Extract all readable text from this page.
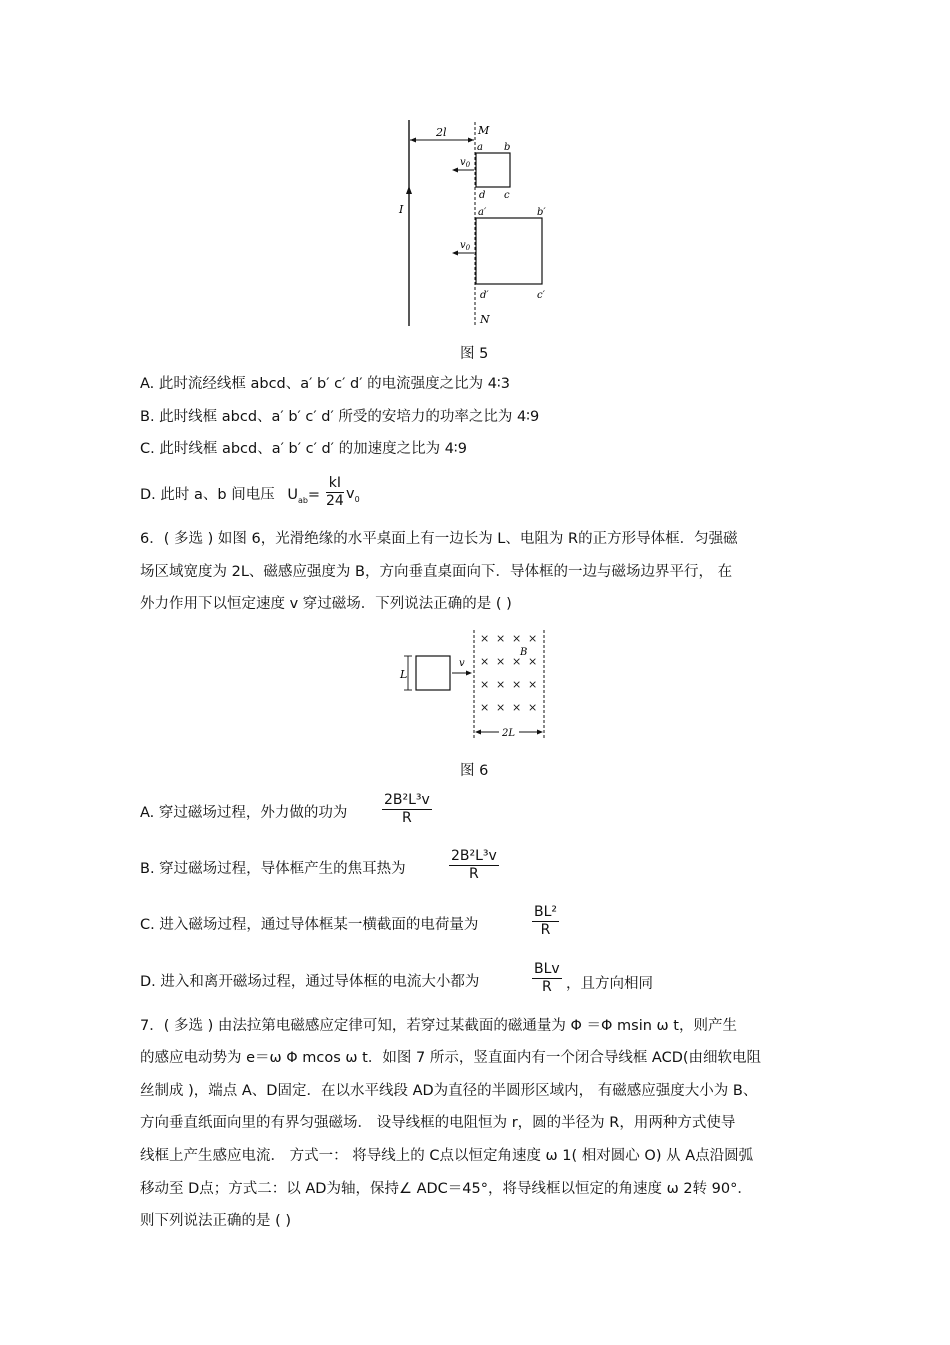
2l	M
a b
d c
$v_0$
I	a′	b′
$v_0$
d′	c′
N
图 5
A. 此时流经线框 abcd、a′ b′ c′ d′ 的电流强度之比为 4∶3
B. 此时线框 abcd、a′ b′ c′ d′ 所受的安培力的功率之比为 4∶9
C. 此时线框 abcd、a′ b′ c′ d′ 的加速度之比为 4∶9
D. 此时 a、b 间电压 $U_{ab}=$
kI
24 $v_0$
6．( 多选 ) 如图 6，光滑绝缘的水平桌面上有一边长为 L、电阻为 R的正方形导体框．匀强磁
场区域宽度为 2L、磁感应强度为 B，方向垂直桌面向下．导体框的一边与磁场边界平行， 在
外力作用下以恒定速度 v 穿过磁场．下列说法正确的是 ( )
L
v
B
× × × ×
× × × ×
× × × ×
× × × ×
2L
图 6
A. 穿过磁场过程，外力做的功为
2B²L³v
R
B. 穿过磁场过程，导体框产生的焦耳热为
2B²L³v
R
C. 进入磁场过程，通过导体框某一横截面的电荷量为
BL²
R
D. 进入和离开磁场过程，通过导体框的电流大小都为
BLv
R ，且方向相同
7．( 多选 ) 由法拉第电磁感应定律可知，若穿过某截面的磁通量为 Φ ＝Φ msin ω t，则产生
的感应电动势为 e＝ω Φ mcos ω t．如图 7 所示，竖直面内有一个闭合导线框 ACD(由细软电阻
丝制成 )，端点 A、D固定．在以水平线段 AD为直径的半圆形区域内， 有磁感应强度大小为 B、
方向垂直纸面向里的有界匀强磁场． 设导线框的电阻恒为 r，圆的半径为 R，用两种方式使导
线框上产生感应电流． 方式一： 将导线上的 C点以恒定角速度 ω 1( 相对圆心 O) 从 A点沿圆弧
移动至 D点；方式二：以 AD为轴，保持∠ ADC＝45°，将导线框以恒定的角速度 ω 2转 90°．
则下列说法正确的是 ( )
